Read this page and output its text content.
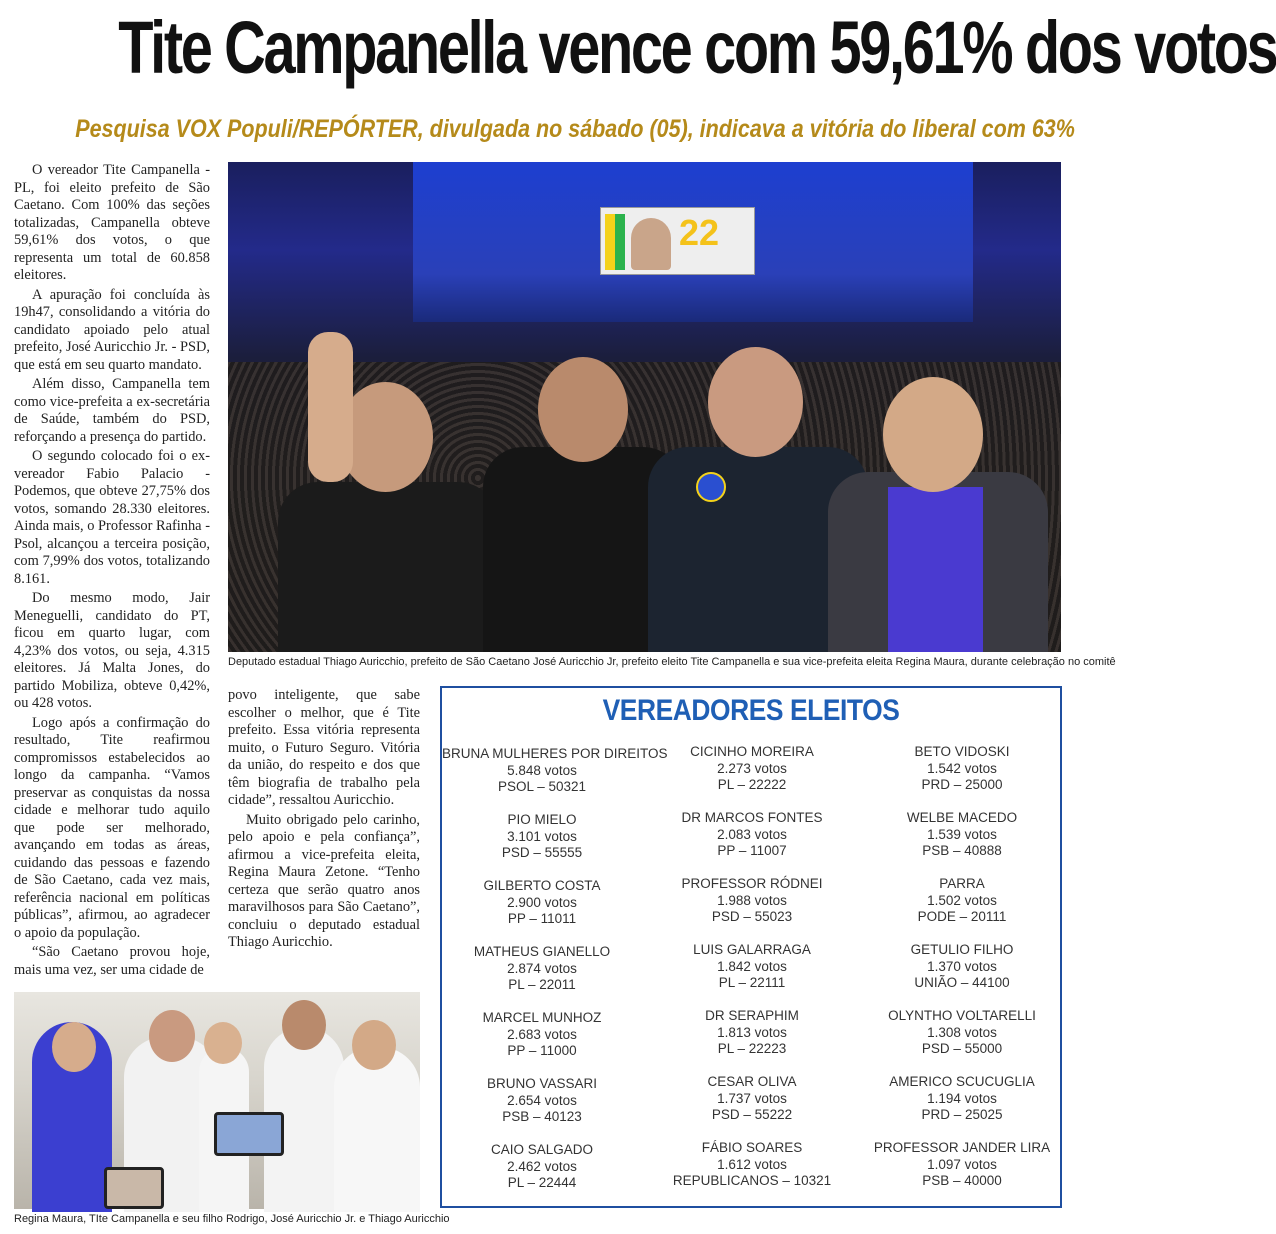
Tite Campanella vence com 59,61% dos votos
Pesquisa VOX Populi/REPÓRTER, divulgada no sábado (05), indicava a vitória do liberal com 63%

O vereador Tite Campanella - PL, foi eleito prefeito de São Caetano. Com 100% das seções totalizadas, Campanella obteve 59,61% dos votos, o que representa um total de 60.858 eleitores.

A apuração foi concluída às 19h47, consolidando a vitória do candidato apoiado pelo atual prefeito, José Auricchio Jr. - PSD, que está em seu quarto mandato.

Além disso, Campanella tem como vice-prefeita a ex-secretária de Saúde, também do PSD, reforçando a presença do partido.

O segundo colocado foi o ex-vereador Fabio Palacio - Podemos, que obteve 27,75% dos votos, somando 28.330 eleitores. Ainda mais, o Professor Rafinha - Psol, alcançou a terceira posição, com 7,99% dos votos, totalizando 8.161.

Do mesmo modo, Jair Meneguelli, candidato do PT, ficou em quarto lugar, com 4,23% dos votos, ou seja, 4.315 eleitores. Já Malta Jones, do partido Mobiliza, obteve 0,42%, ou 428 votos.

Logo após a confirmação do resultado, Tite reafirmou compromissos estabelecidos ao longo da campanha. “Vamos preservar as conquistas da nossa cidade e melhorar tudo aquilo que pode ser melhorado, avançando em todas as áreas, cuidando das pessoas e fazendo de São Caetano, cada vez mais, referência nacional em políticas públicas”, afirmou, ao agradecer o apoio da população.

“São Caetano provou hoje, mais uma vez, ser uma cidade de

22
Deputado estadual Thiago Auricchio, prefeito de São Caetano José Auricchio Jr, prefeito eleito Tite Campanella e sua vice-prefeita eleita Regina Maura, durante celebração no comitê

povo inteligente, que sabe escolher o melhor, que é Tite prefeito. Essa vitória representa muito, o Futuro Seguro. Vitória da união, do respeito e dos que têm biografia de trabalho pela cidade”, ressaltou Auricchio.

Muito obrigado pelo carinho, pelo apoio e pela confiança”, afirmou a vice-prefeita eleita, Regina Maura Zetone. “Tenho certeza que serão quatro anos maravilhosos para São Caetano”, concluiu o deputado estadual Thiago Auricchio.

Regina Maura, TIte Campanella e seu filho Rodrigo, José Auricchio Jr. e Thiago Auricchio
VEREADORES ELEITOS
BRUNA MULHERES POR DIREITOS
5.848 votos
PSOL – 50321
PIO MIELO
3.101 votos
PSD – 55555
GILBERTO COSTA
2.900 votos
PP – 11011
MATHEUS GIANELLO
2.874 votos
PL – 22011
MARCEL MUNHOZ
2.683 votos
PP – 11000
BRUNO VASSARI
2.654 votos
PSB – 40123
CAIO SALGADO
2.462 votos
PL – 22444
CICINHO MOREIRA
2.273 votos
PL – 22222
DR MARCOS FONTES
2.083 votos
PP – 11007
PROFESSOR RÓDNEI
1.988 votos
PSD – 55023
LUIS GALARRAGA
1.842 votos
PL – 22111
DR SERAPHIM
1.813 votos
PL – 22223
CESAR OLIVA
1.737 votos
PSD – 55222
FÁBIO SOARES
1.612 votos
REPUBLICANOS – 10321
BETO VIDOSKI
1.542 votos
PRD – 25000
WELBE MACEDO
1.539 votos
PSB – 40888
PARRA
1.502 votos
PODE – 20111
GETULIO FILHO
1.370 votos
UNIÃO – 44100
OLYNTHO VOLTARELLI
1.308 votos
PSD – 55000
AMERICO SCUCUGLIA
1.194 votos
PRD – 25025
PROFESSOR JANDER LIRA
1.097 votos
PSB – 40000
